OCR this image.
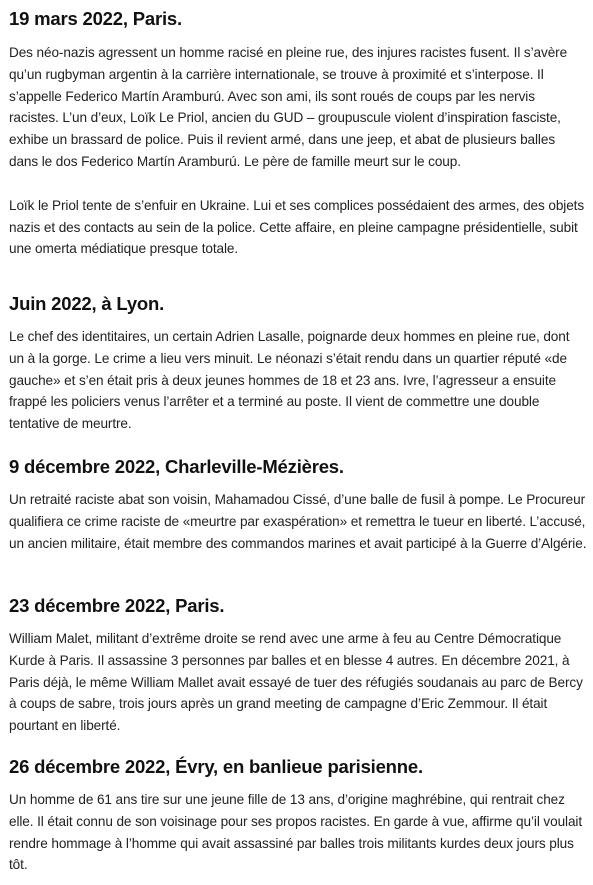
19 mars 2022, Paris.

Des néo-nazis agressent un homme racisé en pleine rue, des injures racistes fusent. Il s’avère qu’un rugbyman argentin à la carrière internationale, se trouve à proximité et s’interpose. Il s’appelle Federico Martín Aramburú. Avec son ami, ils sont roués de coups par les nervis racistes. L’un d’eux, Loïk Le Priol, ancien du GUD – groupuscule violent d’inspiration fasciste, exhibe un brassard de police. Puis il revient armé, dans une jeep, et abat de plusieurs balles dans le dos Federico Martín Aramburú. Le père de famille meurt sur le coup.

Loïk le Priol tente de s’enfuir en Ukraine. Lui et ses complices possédaient des armes, des objets nazis et des contacts au sein de la police. Cette affaire, en pleine campagne présidentielle, subit une omerta médiatique presque totale.

Juin 2022, à Lyon.

Le chef des identitaires, un certain Adrien Lasalle, poignarde deux hommes en pleine rue, dont un à la gorge. Le crime a lieu vers minuit. Le néonazi s’était rendu dans un quartier réputé «de gauche» et s’en était pris à deux jeunes hommes de 18 et 23 ans. Ivre, l’agresseur a ensuite frappé les policiers venus l’arrêter et a terminé au poste. Il vient de commettre une double tentative de meurtre.

9 décembre 2022, Charleville-Mézières.

Un retraité raciste abat son voisin, Mahamadou Cissé, d’une balle de fusil à pompe. Le Procureur qualifiera ce crime raciste de «meurtre par exaspération» et remettra le tueur en liberté. L’accusé, un ancien militaire, était membre des commandos marines et avait participé à la Guerre d’Algérie.

23 décembre 2022, Paris.

William Malet, militant d’extrême droite se rend avec une arme à feu au Centre Démocratique Kurde à Paris. Il assassine 3 personnes par balles et en blesse 4 autres. En décembre 2021, à Paris déjà, le même William Mallet avait essayé de tuer des réfugiés soudanais au parc de Bercy à coups de sabre, trois jours après un grand meeting de campagne d’Eric Zemmour. Il était pourtant en liberté.

26 décembre 2022, Évry, en banlieue parisienne.

Un homme de 61 ans tire sur une jeune fille de 13 ans, d’origine maghrébine, qui rentrait chez elle. Il était connu de son voisinage pour ses propos racistes. En garde à vue, affirme qu’il voulait rendre hommage à l’homme qui avait assassiné par balles trois militants kurdes deux jours plus tôt.
